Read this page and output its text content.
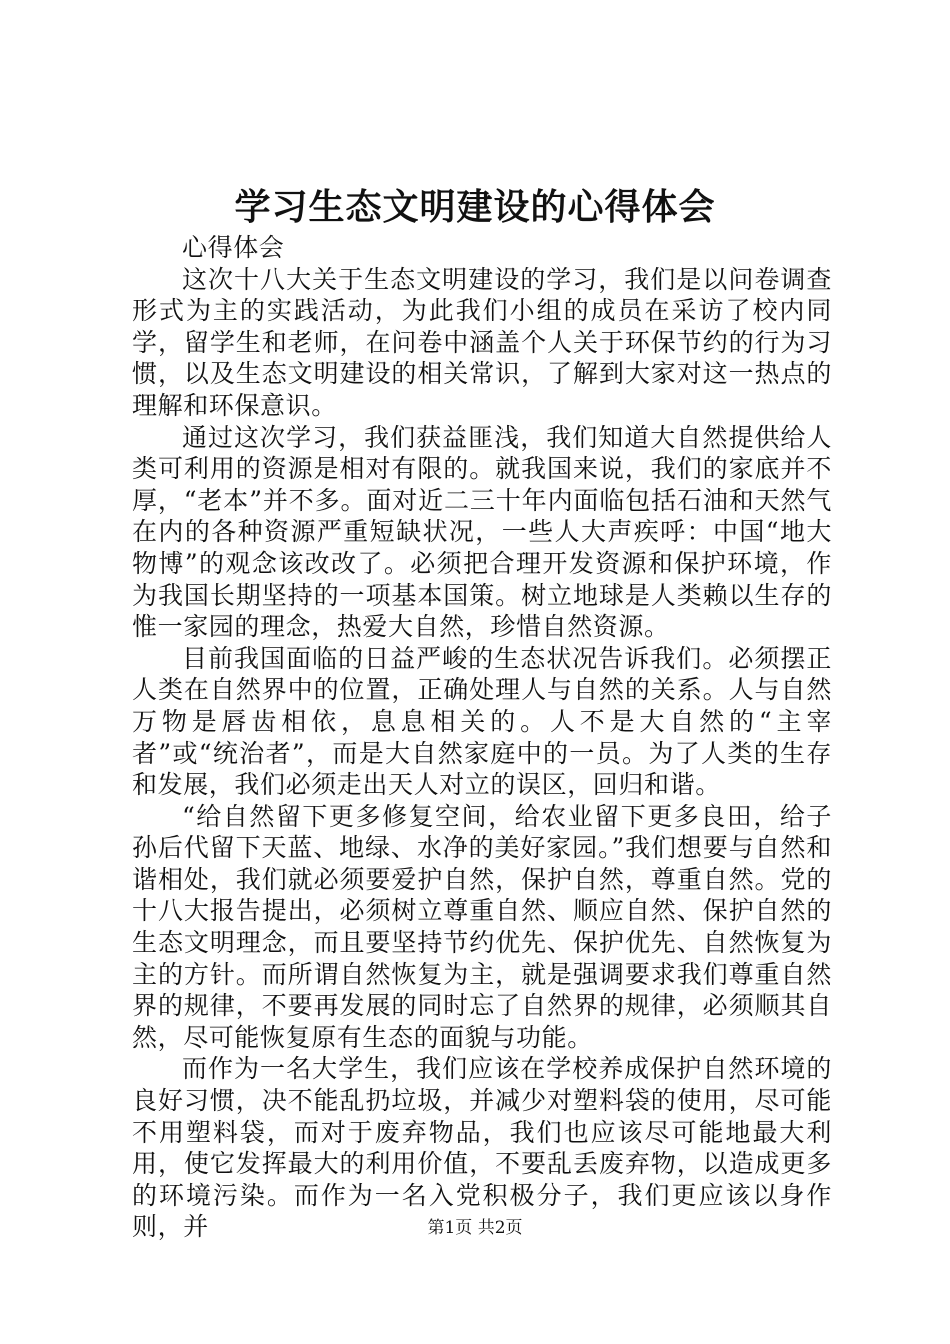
学习生态文明建设的心得体会

心得体会

这次十八大关于生态文明建设的学习，我们是以问卷调查形式为主的实践活动，为此我们小组的成员在采访了校内同学，留学生和老师，在问卷中涵盖个人关于环保节约的行为习惯，以及生态文明建设的相关常识，了解到大家对这一热点的理解和环保意识。

通过这次学习，我们获益匪浅，我们知道大自然提供给人类可利用的资源是相对有限的。就我国来说，我们的家底并不厚，“老本”并不多。面对近二三十年内面临包括石油和天然气在内的各种资源严重短缺状况，一些人大声疾呼：中国“地大物博”的观念该改改了。必须把合理开发资源和保护环境，作为我国长期坚持的一项基本国策。树立地球是人类赖以生存的惟一家园的理念，热爱大自然，珍惜自然资源。

目前我国面临的日益严峻的生态状况告诉我们。必须摆正人类在自然界中的位置，正确处理人与自然的关系。人与自然万物是唇齿相依，息息相关的。人不是大自然的“主宰者”或“统治者”，而是大自然家庭中的一员。为了人类的生存和发展，我们必须走出天人对立的误区，回归和谐。

“给自然留下更多修复空间，给农业留下更多良田，给子孙后代留下天蓝、地绿、水净的美好家园。”我们想要与自然和谐相处，我们就必须要爱护自然，保护自然，尊重自然。党的十八大报告提出，必须树立尊重自然、顺应自然、保护自然的生态文明理念，而且要坚持节约优先、保护优先、自然恢复为主的方针。而所谓自然恢复为主，就是强调要求我们尊重自然界的规律，不要再发展的同时忘了自然界的规律，必须顺其自然，尽可能恢复原有生态的面貌与功能。

而作为一名大学生，我们应该在学校养成保护自然环境的良好习惯，决不能乱扔垃圾，并减少对塑料袋的使用，尽可能不用塑料袋，而对于废弃物品，我们也应该尽可能地最大利用，使它发挥最大的利用价值，不要乱丢废弃物，以造成更多的环境污染。而作为一名入党积极分子，我们更应该以身作则，并	第1页 共2页
